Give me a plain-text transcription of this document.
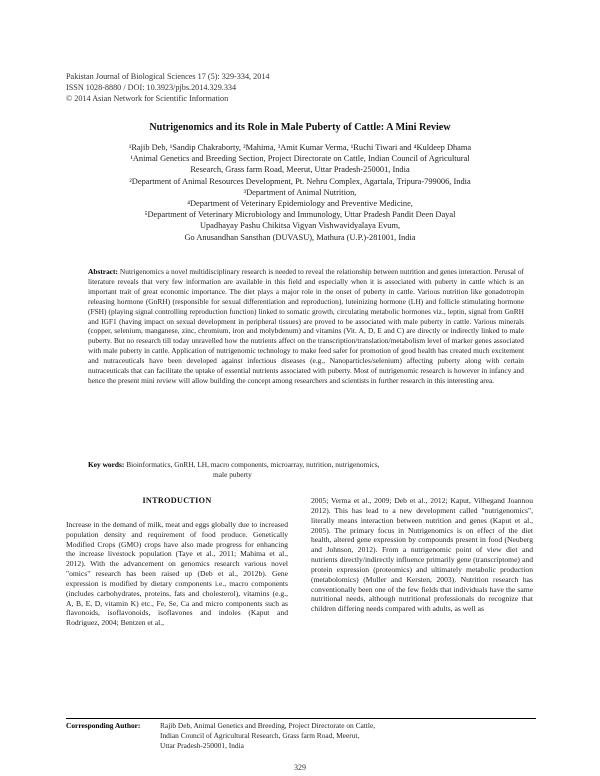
Pakistan Journal of Biological Sciences 17 (5): 329-334, 2014
ISSN 1028-8880 / DOI: 10.3923/pjbs.2014.329.334
© 2014 Asian Network for Scientific Information
Nutrigenomics and its Role in Male Puberty of Cattle: A Mini Review
¹Rajib Deb, ¹Sandip Chakraborty, ²Mahima, ³Amit Kumar Verma, ¹Ruchi Tiwari and ⁴Kuldeep Dhama
¹Animal Genetics and Breeding Section, Project Directorate on Cattle, Indian Council of Agricultural
Research, Grass farm Road, Meerut, Uttar Pradesh-250001, India
²Department of Animal Resources Development, Pt. Nehru Complex, Agartala, Tripura-799006, India
³Department of Animal Nutrition,
⁴Department of Veterinary Epidemiology and Preventive Medicine,
⁵Department of Veterinary Microbiology and Immunology, Uttar Pradesh Pandit Deen Dayal
Upadhayay Pashu Chikitsa Vigyan Vishwavidyalaya Evum,
Go Anusandhan Sansthan (DUVASU), Mathura (U.P.)-281001, India

Abstract: Nutrigenomics a novel multidisciplinary research is needed to reveal the relationship between nutrition and genes interaction. Perusal of literature reveals that very few information are available in this field and especially when it is associated with puberty in cattle which is an important trait of great economic importance. The diet plays a major role in the onset of puberty in cattle. Various nutrition like gonadotropin releasing hormone (GnRH) (responsible for sexual differentiation and reproduction), luteinizing hormone (LH) and follicle stimulating hormone (FSH) (playing signal controlling reproduction function) linked to somatic growth, circulating metabolic hormones viz., leptin, signal from GnRH and IGF1 (having impact on sexual development in peripheral tissues) are proved to be associated with male puberty in cattle. Various minerals (copper, selenium, manganese, zinc, chromium, iron and molybdenum) and vitamins (Vit. A, D, E and C) are directly or indirectly linked to male puberty. But no research till today unravelled how the nutrients affect on the transcription/translation/metabolism level of marker genes associated with male puberty in cattle. Application of nutrigenomic technology to make feed safer for promotion of good health has created much excitement and nutraceuticals have been developed against infectious diseases (e.g., Nanoparticles/selenium) affecting puberty along with certain nutraceuticals that can facilitate the uptake of essential nutrients associated with puberty. Most of nutrigenomic research is however in infancy and hence the present mini review will allow building the concept among researchers and scientists in further research in this interesting area.

Key words: Bioinformatics, GnRH, LH, macro components, microarray, nutrition, nutrigenomics,
male puberty
INTRODUCTION

Increase in the demand of milk, meat and eggs globally due to increased population density and requirement of food produce. Genetically Modified Crops (GMO) crops have also made progress for enhancing the increase livestock population (Taye et al., 2011; Mahima et al., 2012). With the advancement on genomics research various novel "omics" research has been raised up (Deb et al., 2012b). Gene expression is modified by dietary components i.e., macro components (includes carbohydrates, proteins, fats and cholesterol), vitamins (e.g., A, B, E, D, vitamin K) etc., Fe, Se, Ca and micro components such as flavonoids, isoflavonoids, isoflavones and indoles (Kaput and Rodriguez, 2004; Bentzen et al.,

2005; Verma et al., 2009; Deb et al., 2012; Kaput, Vilhegand Joannou 2012). This has lead to a new development called "nutrigenomics", literally means interaction between nutrition and genes (Kaput et al., 2005). The primary focus in Nutrigenomics is on effect of the diet health, altered gene expression by compounds present in food (Neuberg and Johnson, 2012). From a nutrigenomic point of view diet and nutrients directly/indirectly influence primarily gene (transcriptome) and protein expression (proteomics) and ultimately metabolic production (metabolomics) (Muller and Kersten, 2003). Nutrition research has conventionally been one of the few fields that individuals have the same nutritional needs, although nutritional professionals do recognize that children differing needs compared with adults, as well as

Corresponding Author:	Rajib Deb, Animal Genetics and Breeding, Project Directorate on Cattle,
Indian Council of Agricultural Research, Grass farm Road, Meerut,
Uttar Pradesh-250001, India
329
